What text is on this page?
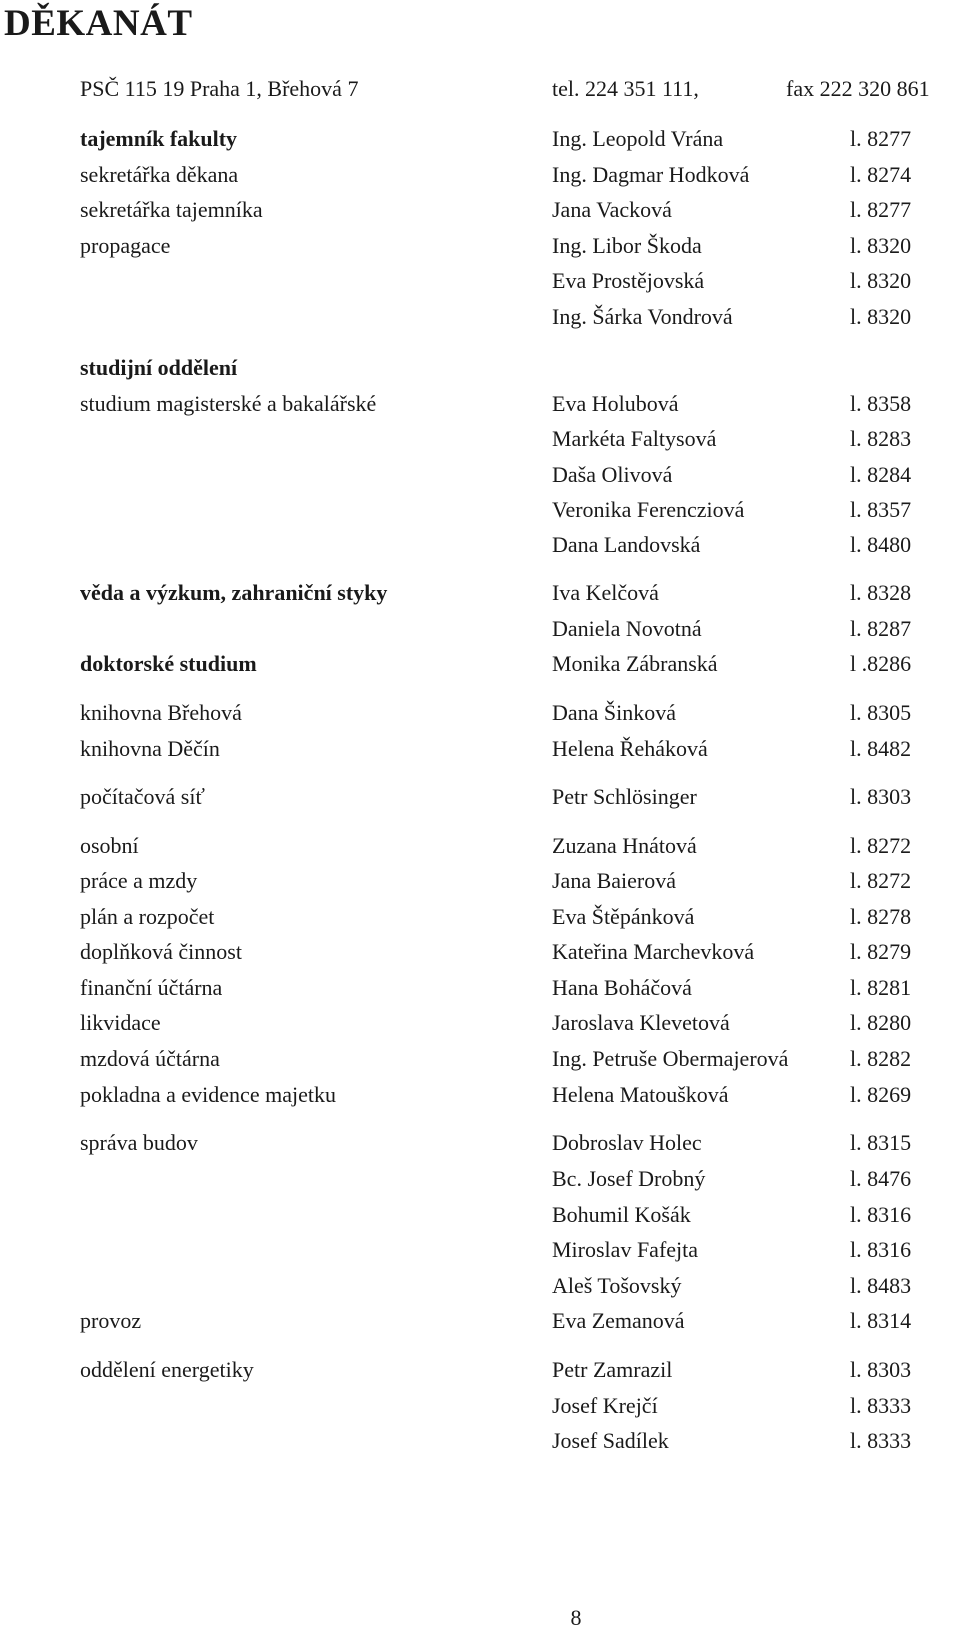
DĚKANÁT
PSČ 115 19 Praha 1, Břehová 7	tel. 224 351 111,	fax 222 320 861
tajemník fakulty	Ing. Leopold Vrána	l. 8277
sekretářka děkana	Ing. Dagmar Hodková	l. 8274
sekretářka tajemníka	Jana Vacková	l. 8277
propagace	Ing. Libor Škoda	l. 8320
Eva Prostějovská	l. 8320
Ing. Šárka Vondrová	l. 8320
studijní oddělení
studium magisterské a bakalářské	Eva Holubová	l. 8358
Markéta Faltysová	l. 8283
Daša Olivová	l. 8284
Veronika Ferencziová	l. 8357
Dana Landovská	l. 8480
věda a výzkum, zahraniční styky	Iva Kelčová	l. 8328
Daniela Novotná	l. 8287
doktorské studium	Monika Zábranská	l .8286
knihovna Břehová	Dana Šinková	l. 8305
knihovna Děčín	Helena Řeháková	l. 8482
počítačová síť	Petr Schlösinger	l. 8303
osobní	Zuzana Hnátová	l. 8272
práce a mzdy	Jana Baierová	l. 8272
plán a rozpočet	Eva Štěpánková	l. 8278
doplňková činnost	Kateřina Marchevková	l. 8279
finanční účtárna	Hana Boháčová	l. 8281
likvidace	Jaroslava Klevetová	l. 8280
mzdová účtárna	Ing. Petruše Obermajerová	l. 8282
pokladna a evidence majetku	Helena Matoušková	l. 8269
správa budov	Dobroslav Holec	l. 8315
Bc. Josef Drobný	l. 8476
Bohumil Košák	l. 8316
Miroslav Fafejta	l. 8316
Aleš Tošovský	l. 8483
provoz	Eva Zemanová	l. 8314
oddělení energetiky	Petr Zamrazil	l. 8303
Josef Krejčí	l. 8333
Josef Sadílek	l. 8333
8
